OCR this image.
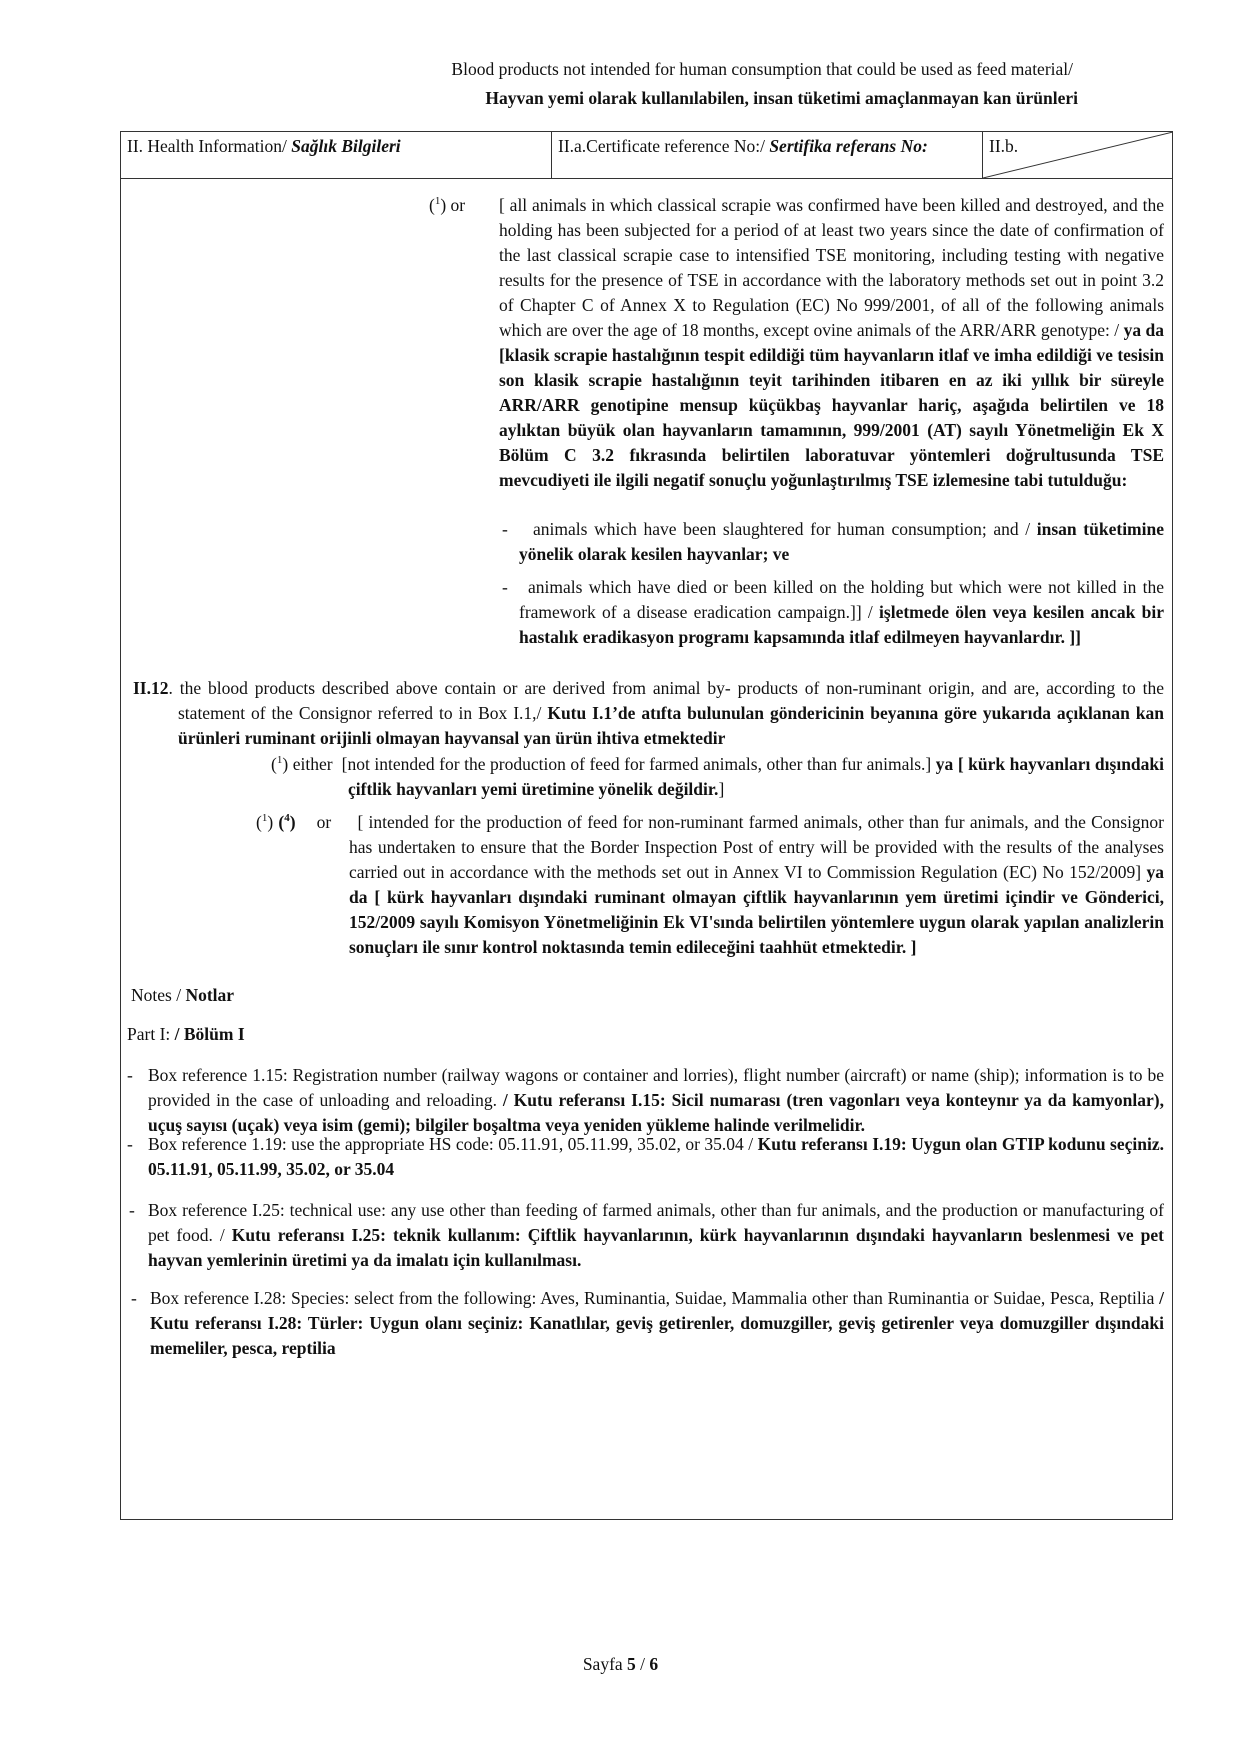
Blood products not intended for human consumption that could be used as feed material/
Hayvan yemi olarak kullanılabilen, insan tüketimi amaçlanmayan kan ürünleri
II. Health Information/ Sağlık Bilgileri	II.a.Certificate reference No:/ Sertifika referans No:	II.b.
($^1$) or	[ all animals in which classical scrapie was confirmed have been killed and destroyed, and the holding has been subjected for a period of at least two years since the date of confirmation of the last classical scrapie case to intensified TSE monitoring, including testing with negative results for the presence of TSE in accordance with the laboratory methods set out in point 3.2 of Chapter C of Annex X to Regulation (EC) No 999/2001, of all of the following animals which are over the age of 18 months, except ovine animals of the ARR/ARR genotype: / ya da [klasik scrapie hastalığının tespit edildiği tüm hayvanların itlaf ve imha edildiği ve tesisin son klasik scrapie hastalığının teyit tarihinden itibaren en az iki yıllık bir süreyle ARR/ARR genotipine mensup küçükbaş hayvanlar hariç, aşağıda belirtilen ve 18 aylıktan büyük olan hayvanların tamamının, 999/2001 (AT) sayılı Yönetmeliğin Ek X Bölüm C 3.2 fıkrasında belirtilen laboratuvar yöntemleri doğrultusunda TSE mevcudiyeti ile ilgili negatif sonuçlu yoğunlaştırılmış TSE izlemesine tabi tutulduğu:
-	animals which have been slaughtered for human consumption; and / insan tüketimine yönelik olarak kesilen hayvanlar; ve
-	animals which have died or been killed on the holding but which were not killed in the framework of a disease eradication campaign.]] / işletmede ölen veya kesilen ancak bir hastalık eradikasyon programı kapsamında itlaf edilmeyen hayvanlardır. ]]
II.12. the blood products described above contain or are derived from animal by- products of non-ruminant origin, and are, according to the statement of the Consignor referred to in Box I.1,/ Kutu I.1’de atıfta bulunulan göndericinin beyanına göre yukarıda açıklanan kan ürünleri ruminant orijinli olmayan hayvansal yan ürün ihtiva etmektedir
($^1$) either [not intended for the production of feed for farmed animals, other than fur animals.] ya [ kürk hayvanları dışındaki çiftlik hayvanları yemi üretimine yönelik değildir.]
($^1$) ($^4$) or [ intended for the production of feed for non-ruminant farmed animals, other than fur animals, and the Consignor has undertaken to ensure that the Border Inspection Post of entry will be provided with the results of the analyses carried out in accordance with the methods set out in Annex VI to Commission Regulation (EC) No 152/2009] ya da [ kürk hayvanları dışındaki ruminant olmayan çiftlik hayvanlarının yem üretimi içindir ve Gönderici, 152/2009 sayılı Komisyon Yönetmeliğinin Ek VI'sında belirtilen yöntemlere uygun olarak yapılan analizlerin sonuçları ile sınır kontrol noktasında temin edileceğini taahhüt etmektedir. ]
Notes / Notlar
Part I: / Bölüm I
- Box reference 1.15: Registration number (railway wagons or container and lorries), flight number (aircraft) or name (ship); information is to be provided in the case of unloading and reloading. / Kutu referansı I.15: Sicil numarası (tren vagonları veya konteynır ya da kamyonlar), uçuş sayısı (uçak) veya isim (gemi); bilgiler boşaltma veya yeniden yükleme halinde verilmelidir.
- Box reference 1.19: use the appropriate HS code: 05.11.91, 05.11.99, 35.02, or 35.04 / Kutu referansı I.19: Uygun olan GTIP kodunu seçiniz. 05.11.91, 05.11.99, 35.02, or 35.04
- Box reference I.25: technical use: any use other than feeding of farmed animals, other than fur animals, and the production or manufacturing of pet food. / Kutu referansı I.25: teknik kullanım: Çiftlik hayvanlarının, kürk hayvanlarının dışındaki hayvanların beslenmesi ve pet hayvan yemlerinin üretimi ya da imalatı için kullanılması.
- Box reference I.28: Species: select from the following: Aves, Ruminantia, Suidae, Mammalia other than Ruminantia or Suidae, Pesca, Reptilia / Kutu referansı I.28: Türler: Uygun olanı seçiniz: Kanatlılar, geviş getirenler, domuzgiller, geviş getirenler veya domuzgiller dışındaki memeliler, pesca, reptilia
Sayfa 5 / 6
